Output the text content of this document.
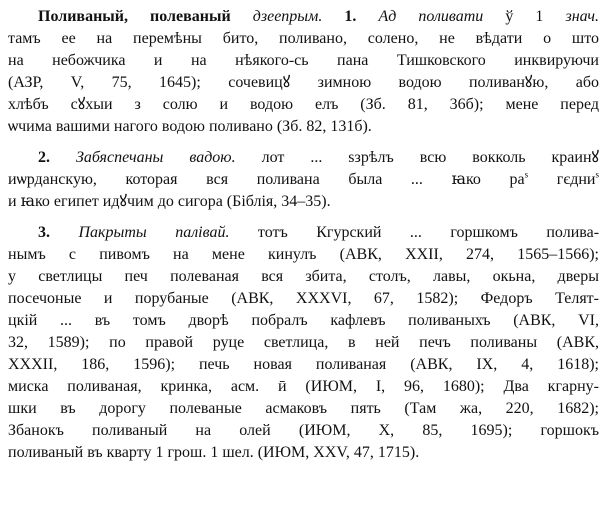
Поливаный, полеваный дзеeпрым. 1. Ад поливати ў 1 знач.
тамъ ее на перемѣны бито, поливано, солено, не вѣдати о што
на небожчика и на нѣякого-сь пана Тишковского инквируючи
(АЗР, V, 75, 1645); сочевицꙋ зимною водою поливанꙋю, або
хлѣбъ сꙋхыи з солю и водою елъ (Зб. 81, 36б); мене перед
ѡчима вашими нагого водою поливано (Зб. 82, 131б).
2. Забяспечаны вадою. лот ... ѕзрѣлъ всю вокколь краинꙋ
иѡрданскую, которая вся поливана была ... ꙗко $ра^s$ гєдни$^s$
и ꙗко египет идꙋчим до сигора (Біблія, 34–35).
3. Пакрыты палівай. тотъ Кгурский ... горшкомъ полива-
нымъ с пивомъ на мене кинулъ (АВК, XXII, 274, 1565–1566);
у светлицы печ полеваная вся збита, столъ, лавы, окьна, дверы
посечоные и порубаные (АВК, XXXVI, 67, 1582); Федоръ Телят-
цкій ... въ томъ дворѣ побралъ кафлевъ поливаныхъ (АВК, VI,
32, 1589); по правой руце светлица, в ней печъ поливаны (АВК,
XXXII, 186, 1596); печь новая поливаная (АВК, IX, 4, 1618);
миска поливаная, кринка, асм. ӣ (ИЮМ, I, 96, 1680); Два кгарну-
шки въ дорогу полеваные асмаковъ пять (Там жа, 220, 1682);
Збанокъ поливаный на олей (ИЮМ, X, 85, 1695); горшокъ
поливаный въ кварту 1 грош. 1 шел. (ИЮМ, XXV, 47, 1715).
